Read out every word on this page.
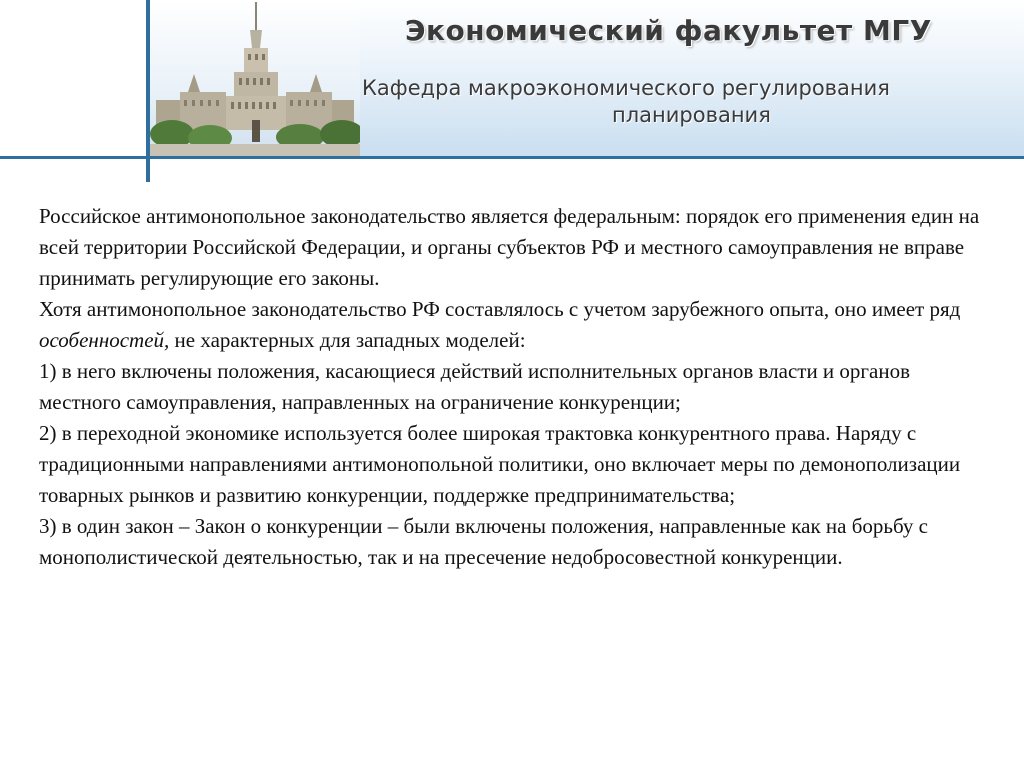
Экономический факультет МГУ
Кафедра макроэкономического регулирования
планирования

Российское антимонопольное законодательство является федеральным: порядок его применения един на всей территории Российской Федерации, и органы субъектов РФ и местного самоуправления не вправе принимать регулирующие его законы.

Хотя антимонопольное законодательство РФ составлялось с учетом зарубежного опыта, оно имеет ряд особенностей, не характерных для западных моделей:

1) в него включены положения, касающиеся действий исполнительных органов власти и органов местного самоуправления, направленных на ограничение конкуренции;

2) в переходной экономике используется более широкая трактовка конкурентного права. Наряду с традиционными направлениями антимонопольной политики, оно включает меры по демонополизации товарных рынков и развитию конкуренции, поддержке предпринимательства;

3) в один закон – Закон о конкуренции – были включены положения, направленные как на борьбу с монополистической деятельностью, так и на пресечение недобросовестной конкуренции.
